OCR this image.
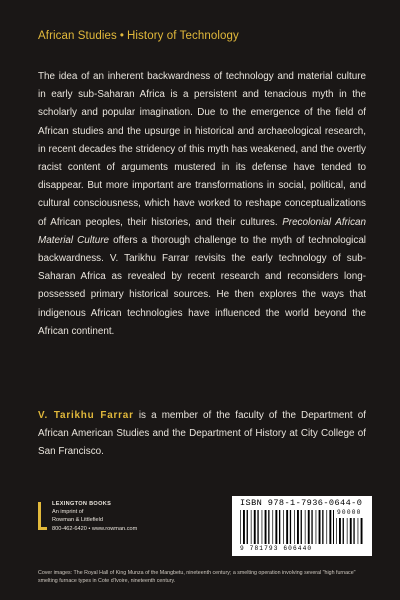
African Studies • History of Technology

The idea of an inherent backwardness of technology and material culture in early sub-Saharan Africa is a persistent and tenacious myth in the scholarly and popular imagination. Due to the emergence of the field of African studies and the upsurge in historical and archaeological research, in recent decades the stridency of this myth has weakened, and the overtly racist content of arguments mustered in its defense have tended to disappear. But more important are transformations in social, political, and cultural consciousness, which have worked to reshape conceptualizations of African peoples, their histories, and their cultures. Precolonial African Material Culture offers a thorough challenge to the myth of technological backwardness. V. Tarikhu Farrar revisits the early technology of sub-Saharan Africa as revealed by recent research and reconsiders long-possessed primary historical sources. He then explores the ways that indigenous African technologies have influenced the world beyond the African continent.

V. Tarikhu Farrar is a member of the faculty of the Department of African American Studies and the Department of History at City College of San Francisco.

LEXINGTON BOOKS
An imprint of
Rowman & Littlefield
800-462-6420 • www.rowman.com
ISBN 978-1-7936-0644-0
90000
9 781793 606440

Cover images: The Royal Hall of King Munza of the Mangbetu, nineteenth century; a smelting operation involving several "high furnace" smelting furnace types in Cote d'Ivoire, nineteenth century.
